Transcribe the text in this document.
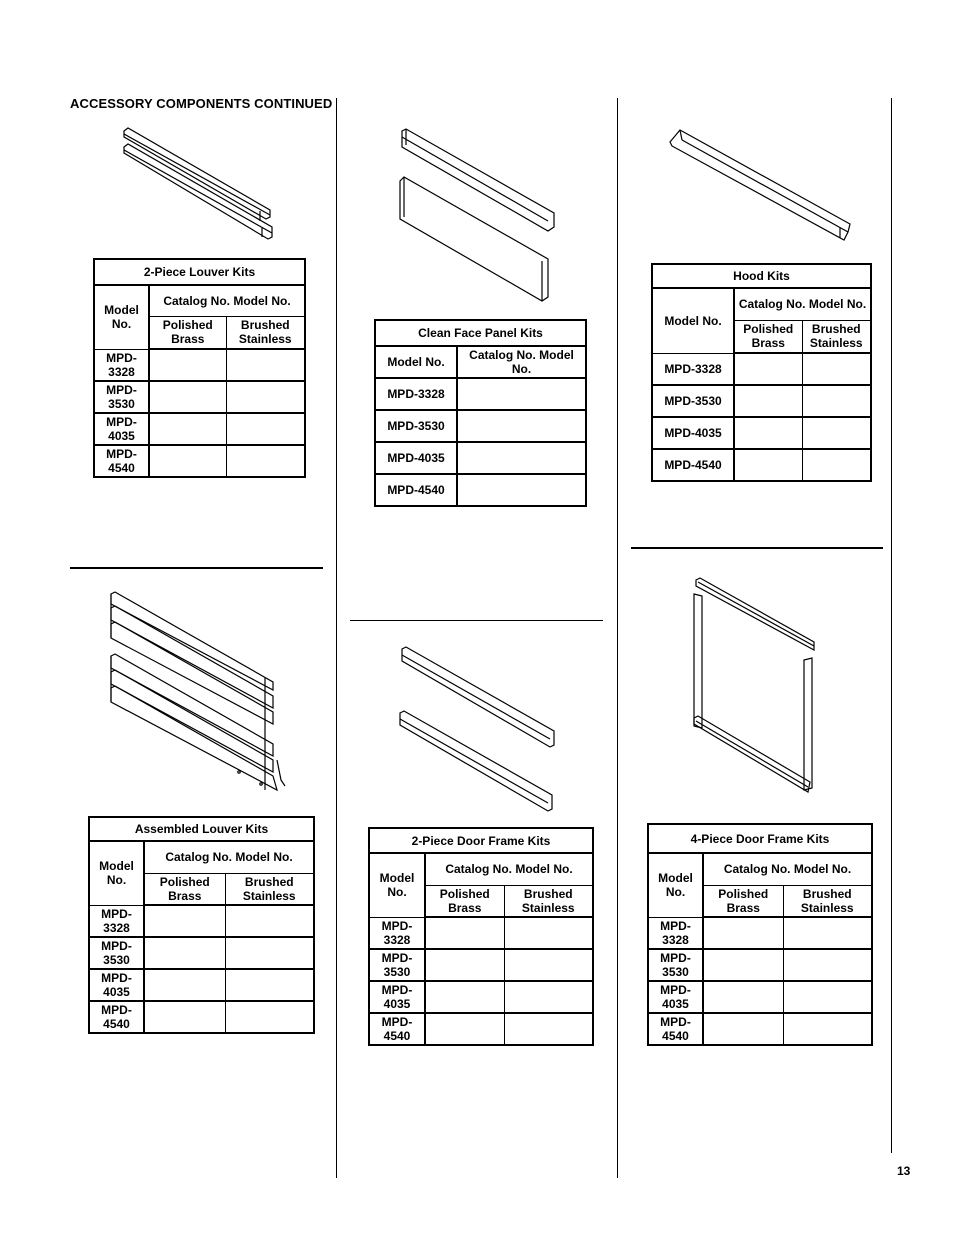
ACCESSORY COMPONENTS CONTINUED
2-Piece Louver Kits		
Model No.	Catalog No. Model No.	
	Polished Brass	Brushed Stainless
MPD-3328		
MPD-3530		
MPD-4035		
MPD-4540		
Clean Face Panel Kits	
Model No.	Catalog No. Model No.
MPD-3328	
MPD-3530	
MPD-4035	
MPD-4540	
Hood Kits		
Model No.	Catalog No. Model No.	
	Polished Brass	Brushed Stainless
MPD-3328		
MPD-3530		
MPD-4035		
MPD-4540		
Assembled Louver Kits		
Model No.	Catalog No. Model No.	
	Polished Brass	Brushed Stainless
MPD-3328		
MPD-3530		
MPD-4035		
MPD-4540		
2-Piece Door Frame Kits		
Model No.	Catalog No. Model No.	
	Polished Brass	Brushed Stainless
MPD-3328		
MPD-3530		
MPD-4035		
MPD-4540		
4-Piece Door Frame Kits		
Model No.	Catalog No. Model No.	
	Polished Brass	Brushed Stainless
MPD-3328		
MPD-3530		
MPD-4035		
MPD-4540		
13
